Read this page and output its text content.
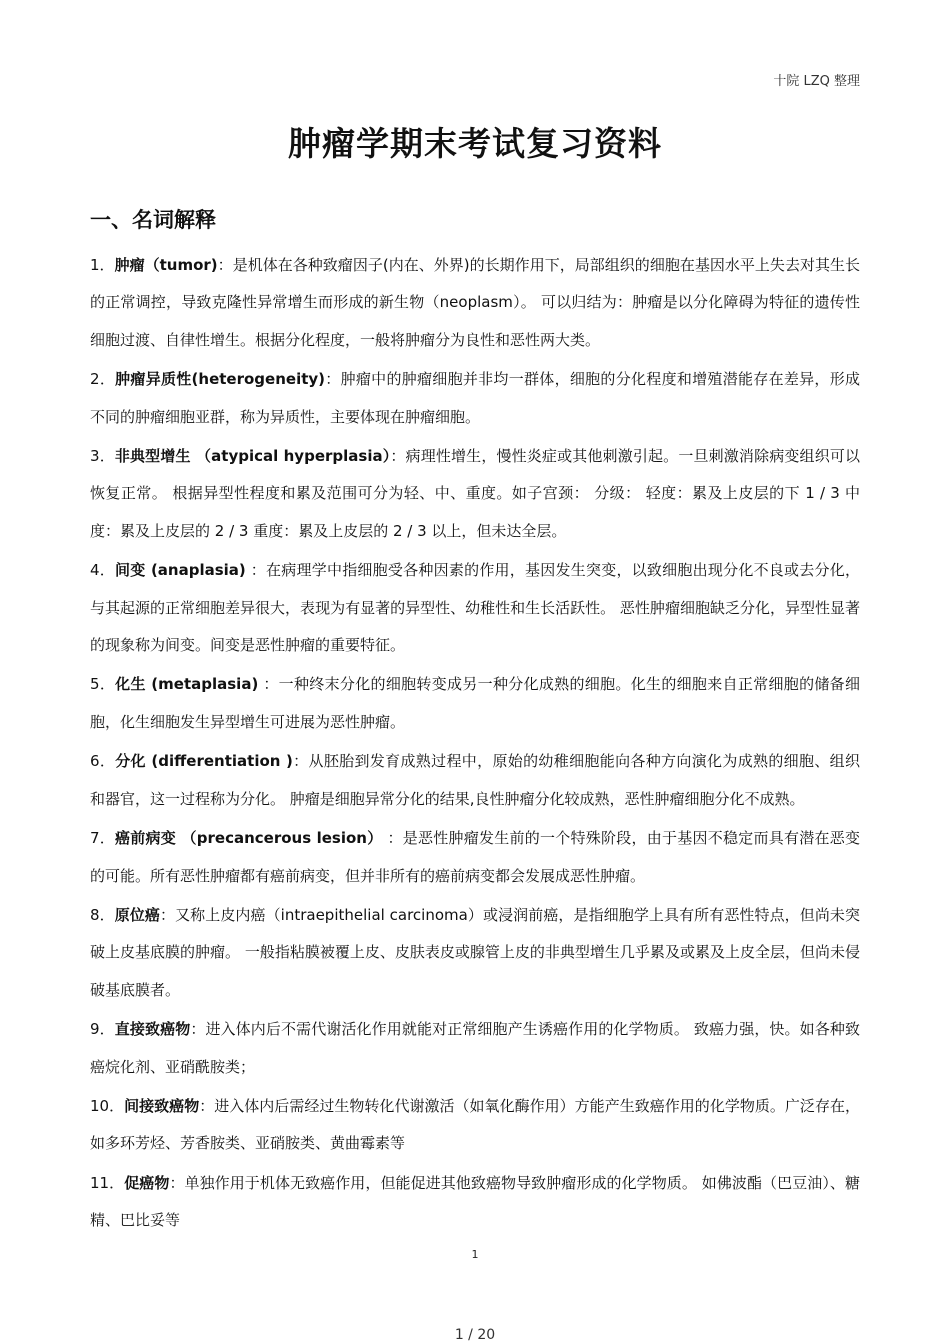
十院 LZQ 整理
肿瘤学期末考试复习资料
一、名词解释

1．肿瘤（tumor)：是机体在各种致瘤因子(内在、外界)的长期作用下，局部组织的细胞在基因水平上失去对其生长的正常调控，导致克隆性异常增生而形成的新生物（neoplasm）。 可以归结为：肿瘤是以分化障碍为特征的遗传性细胞过渡、自律性增生。根据分化程度，一般将肿瘤分为良性和恶性两大类。

2．肿瘤异质性(heterogeneity)：肿瘤中的肿瘤细胞并非均一群体，细胞的分化程度和增殖潜能存在差异，形成不同的肿瘤细胞亚群，称为异质性，主要体现在肿瘤细胞。

3．非典型增生 （atypical hyperplasia）：病理性增生，慢性炎症或其他刺激引起。一旦刺激消除病变组织可以恢复正常。 根据异型性程度和累及范围可分为轻、中、重度。如子宫颈： 分级： 轻度：累及上皮层的下 1 / 3 中度：累及上皮层的 2 / 3 重度：累及上皮层的 2 / 3 以上，但未达全层。

4．间变 (anaplasia) ：在病理学中指细胞受各种因素的作用，基因发生突变，以致细胞出现分化不良或去分化，与其起源的正常细胞差异很大，表现为有显著的异型性、幼稚性和生长活跃性。 恶性肿瘤细胞缺乏分化，异型性显著的现象称为间变。间变是恶性肿瘤的重要特征。

5．化生 (metaplasia) ：一种终末分化的细胞转变成另一种分化成熟的细胞。化生的细胞来自正常细胞的储备细胞，化生细胞发生异型增生可进展为恶性肿瘤。

6．分化 (differentiation )：从胚胎到发育成熟过程中，原始的幼稚细胞能向各种方向演化为成熟的细胞、组织和器官，这一过程称为分化。 肿瘤是细胞异常分化的结果,良性肿瘤分化较成熟，恶性肿瘤细胞分化不成熟。

7．癌前病变 （precancerous lesion） ：是恶性肿瘤发生前的一个特殊阶段，由于基因不稳定而具有潜在恶变的可能。所有恶性肿瘤都有癌前病变，但并非所有的癌前病变都会发展成恶性肿瘤。

8．原位癌：又称上皮内癌（intraepithelial carcinoma）或浸润前癌，是指细胞学上具有所有恶性特点，但尚未突破上皮基底膜的肿瘤。 一般指粘膜被覆上皮、皮肤表皮或腺管上皮的非典型增生几乎累及或累及上皮全层，但尚未侵破基底膜者。

9．直接致癌物：进入体内后不需代谢活化作用就能对正常细胞产生诱癌作用的化学物质。 致癌力强，快。如各种致癌烷化剂、亚硝酰胺类；

10．间接致癌物：进入体内后需经过生物转化代谢激活（如氧化酶作用）方能产生致癌作用的化学物质。广泛存在，如多环芳烃、芳香胺类、亚硝胺类、黄曲霉素等

11．促癌物：单独作用于机体无致癌作用，但能促进其他致癌物导致肿瘤形成的化学物质。 如佛波酯（巴豆油）、糖精、巴比妥等

1
1 / 20
